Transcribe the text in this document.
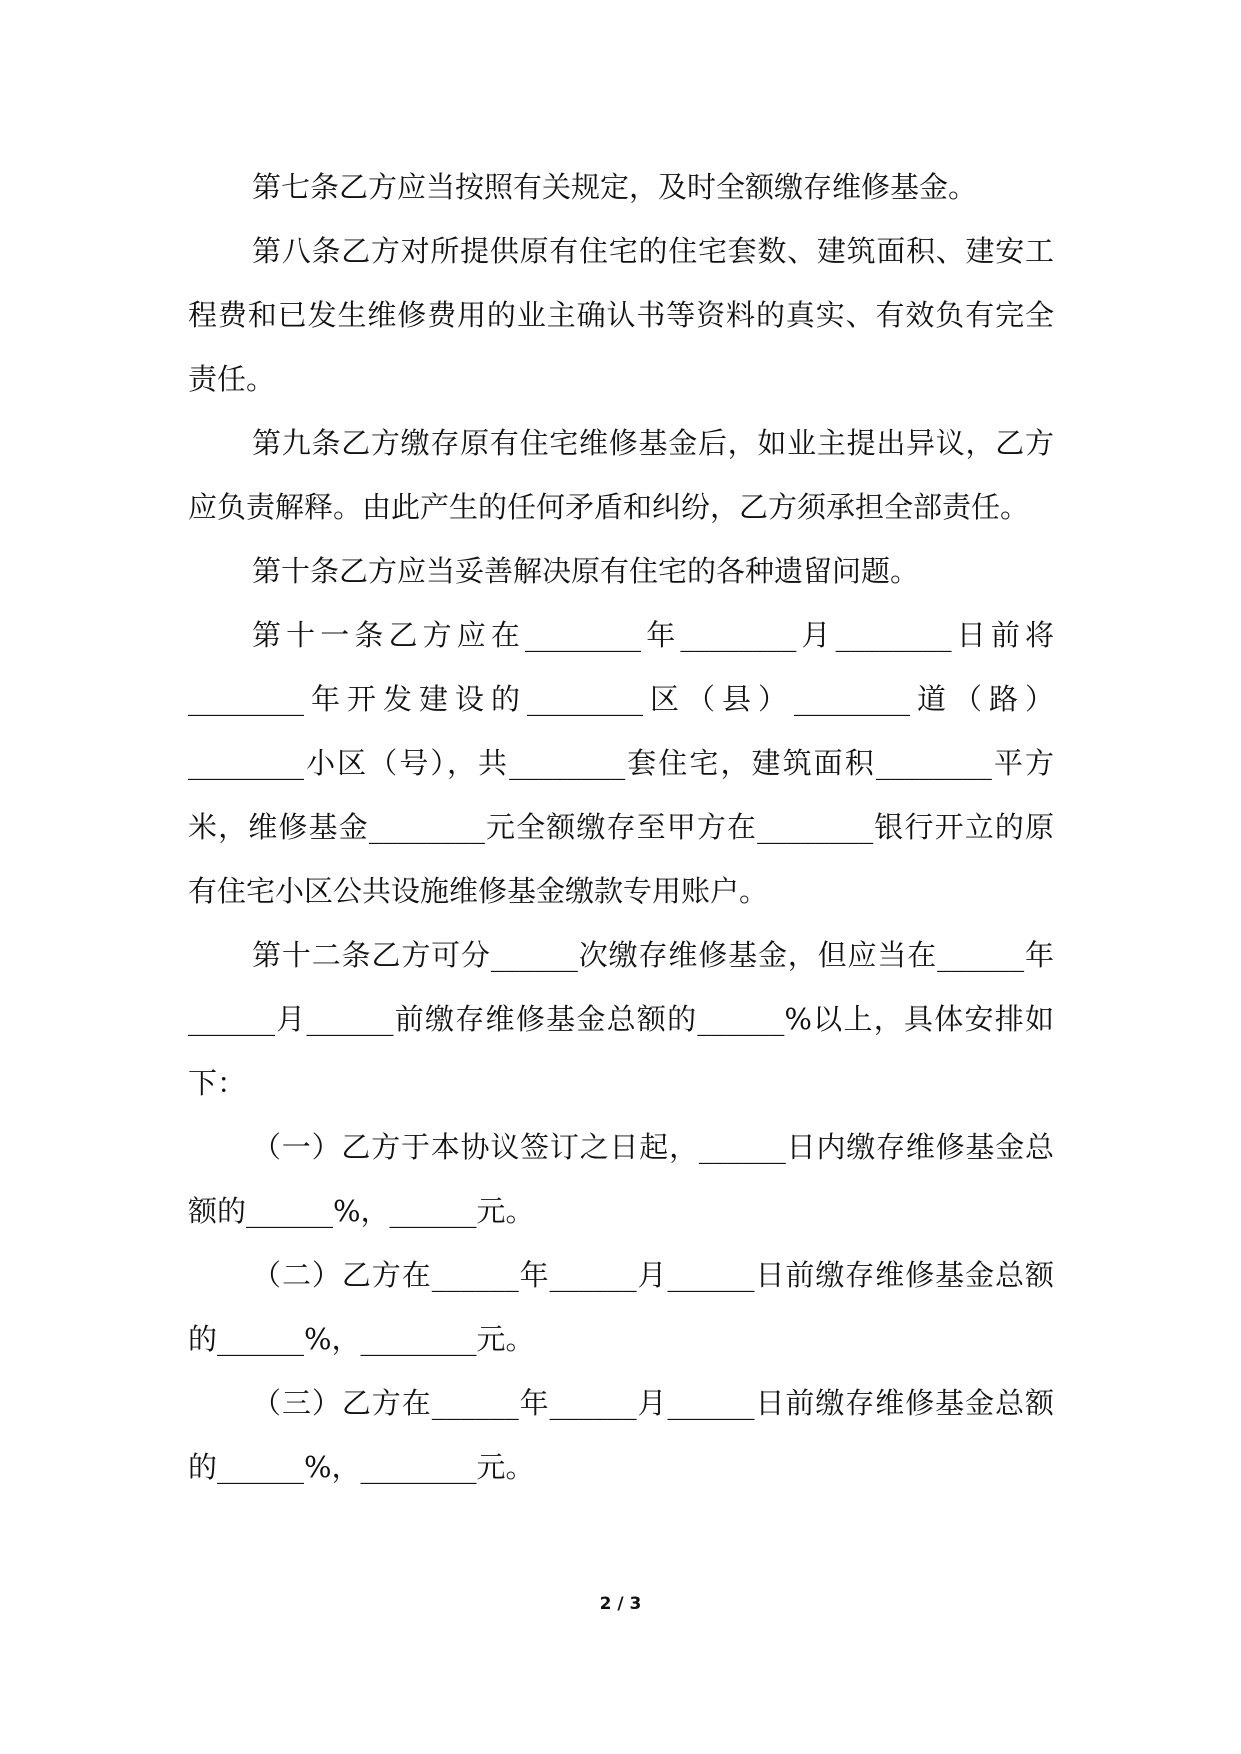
第七条乙方应当按照有关规定，及时全额缴存维修基金。

第八条乙方对所提供原有住宅的住宅套数、建筑面积、建安工程费和已发生维修费用的业主确认书等资料的真实、有效负有完全责任。

第九条乙方缴存原有住宅维修基金后，如业主提出异议，乙方应负责解释。由此产生的任何矛盾和纠纷，乙方须承担全部责任。

第十条乙方应当妥善解决原有住宅的各种遗留问题。

第十一条乙方应在________年________月________日前将________年开发建设的________区（县）________道（路）________小区（号），共________套住宅，建筑面积________平方米，维修基金________元全额缴存至甲方在________银行开立的原有住宅小区公共设施维修基金缴款专用账户。

第十二条乙方可分______次缴存维修基金，但应当在______年______月______前缴存维修基金总额的______%以上，具体安排如下：

（一）乙方于本协议签订之日起，______日内缴存维修基金总额的______%，______元。

（二）乙方在______年______月______日前缴存维修基金总额的______%，________元。

（三）乙方在______年______月______日前缴存维修基金总额的______%，________元。

2 / 3
